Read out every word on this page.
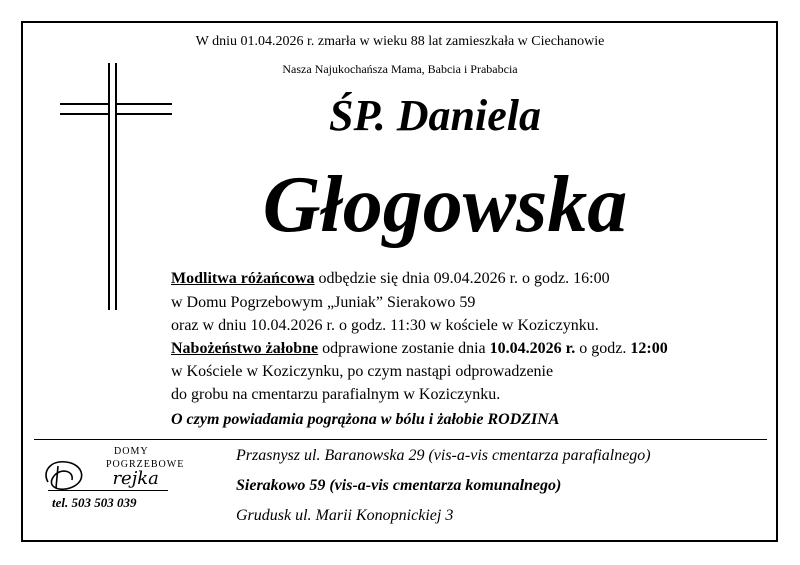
W dniu 01.04.2026 r. zmarła w wieku 88 lat zamieszkała w Ciechanowie
Nasza Najukochańsza Mama, Babcia i Prababcia
ŚP. Daniela
Głogowska
Modlitwa różańcowa odbędzie się dnia 09.04.2026 r. o godz. 16:00
w Domu Pogrzebowym „Juniak” Sierakowo 59
oraz w dniu 10.04.2026 r. o godz. 11:30 w kościele w Koziczynku.
Nabożeństwo żałobne odprawione zostanie dnia 10.04.2026 r. o godz. 12:00
w Kościele w Koziczynku, po czym nastąpi odprowadzenie
do grobu na cmentarzu parafialnym w Koziczynku.
O czym powiadamia pogrążona w bólu i żałobie RODZINA
DOMY
POGRZEBOWE
rejka
tel. 503 503 039
Przasnysz ul. Baranowska 29 (vis-a-vis cmentarza parafialnego)
Sierakowo 59 (vis-a-vis cmentarza komunalnego)
Grudusk ul. Marii Konopnickiej 3
